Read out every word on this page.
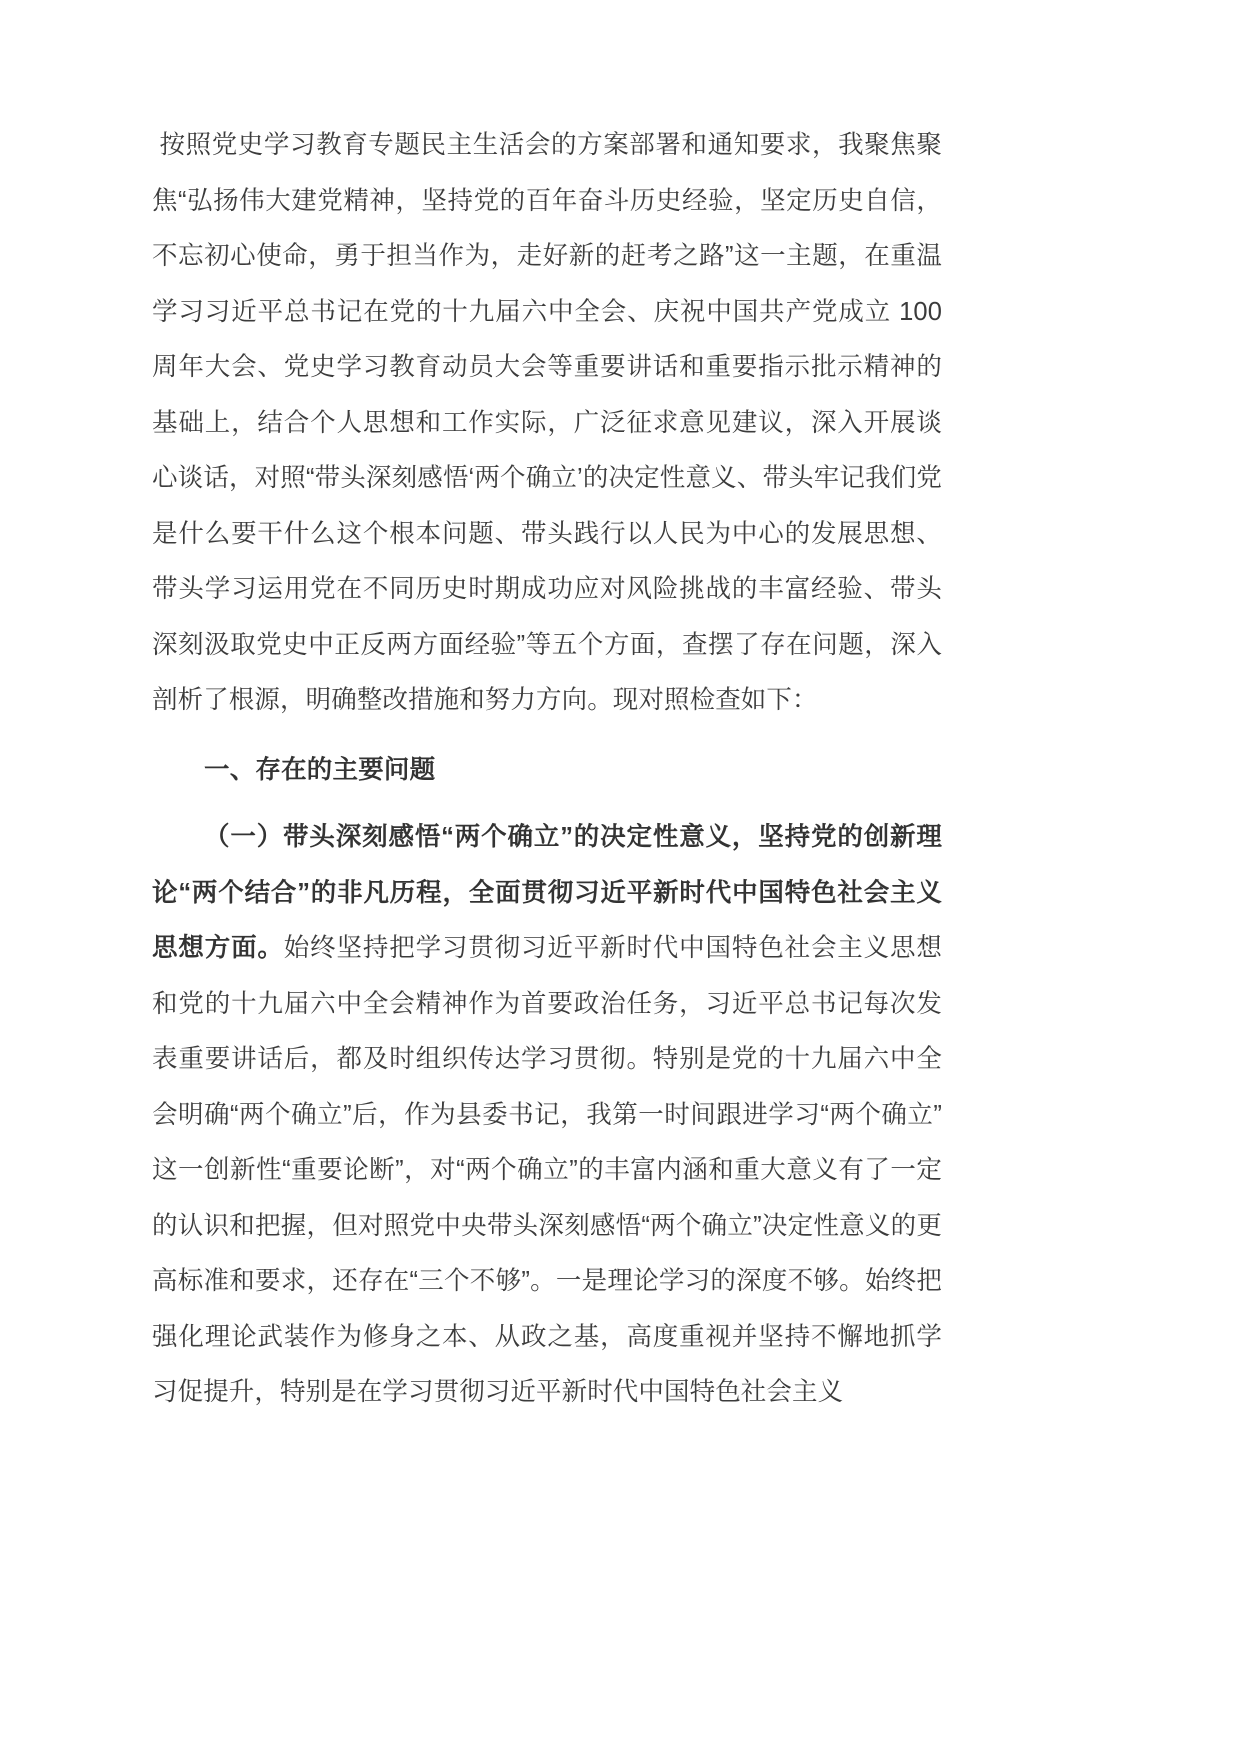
按照党史学习教育专题民主生活会的方案部署和通知要求，我聚焦聚焦“弘扬伟大建党精神，坚持党的百年奋斗历史经验，坚定历史自信，不忘初心使命，勇于担当作为，走好新的赶考之路”这一主题，在重温学习习近平总书记在党的十九届六中全会、庆祝中国共产党成立 100 周年大会、党史学习教育动员大会等重要讲话和重要指示批示精神的基础上，结合个人思想和工作实际，广泛征求意见建议，深入开展谈心谈话，对照“带头深刻感悟‘两个确立’的决定性意义、带头牢记我们党是什么要干什么这个根本问题、带头践行以人民为中心的发展思想、带头学习运用党在不同历史时期成功应对风险挑战的丰富经验、带头深刻汲取党史中正反两方面经验”等五个方面，查摆了存在问题，深入剖析了根源，明确整改措施和努力方向。现对照检查如下：

一、存在的主要问题

（一）带头深刻感悟“两个确立”的决定性意义，坚持党的创新理论“两个结合”的非凡历程，全面贯彻习近平新时代中国特色社会主义思想方面。始终坚持把学习贯彻习近平新时代中国特色社会主义思想和党的十九届六中全会精神作为首要政治任务，习近平总书记每次发表重要讲话后，都及时组织传达学习贯彻。特别是党的十九届六中全会明确“两个确立”后，作为县委书记，我第一时间跟进学习“两个确立”这一创新性“重要论断”，对“两个确立”的丰富内涵和重大意义有了一定的认识和把握，但对照党中央带头深刻感悟“两个确立”决定性意义的更高标准和要求，还存在“三个不够”。一是理论学习的深度不够。始终把强化理论武装作为修身之本、从政之基，高度重视并坚持不懈地抓学习促提升，特别是在学习贯彻习近平新时代中国特色社会主义
